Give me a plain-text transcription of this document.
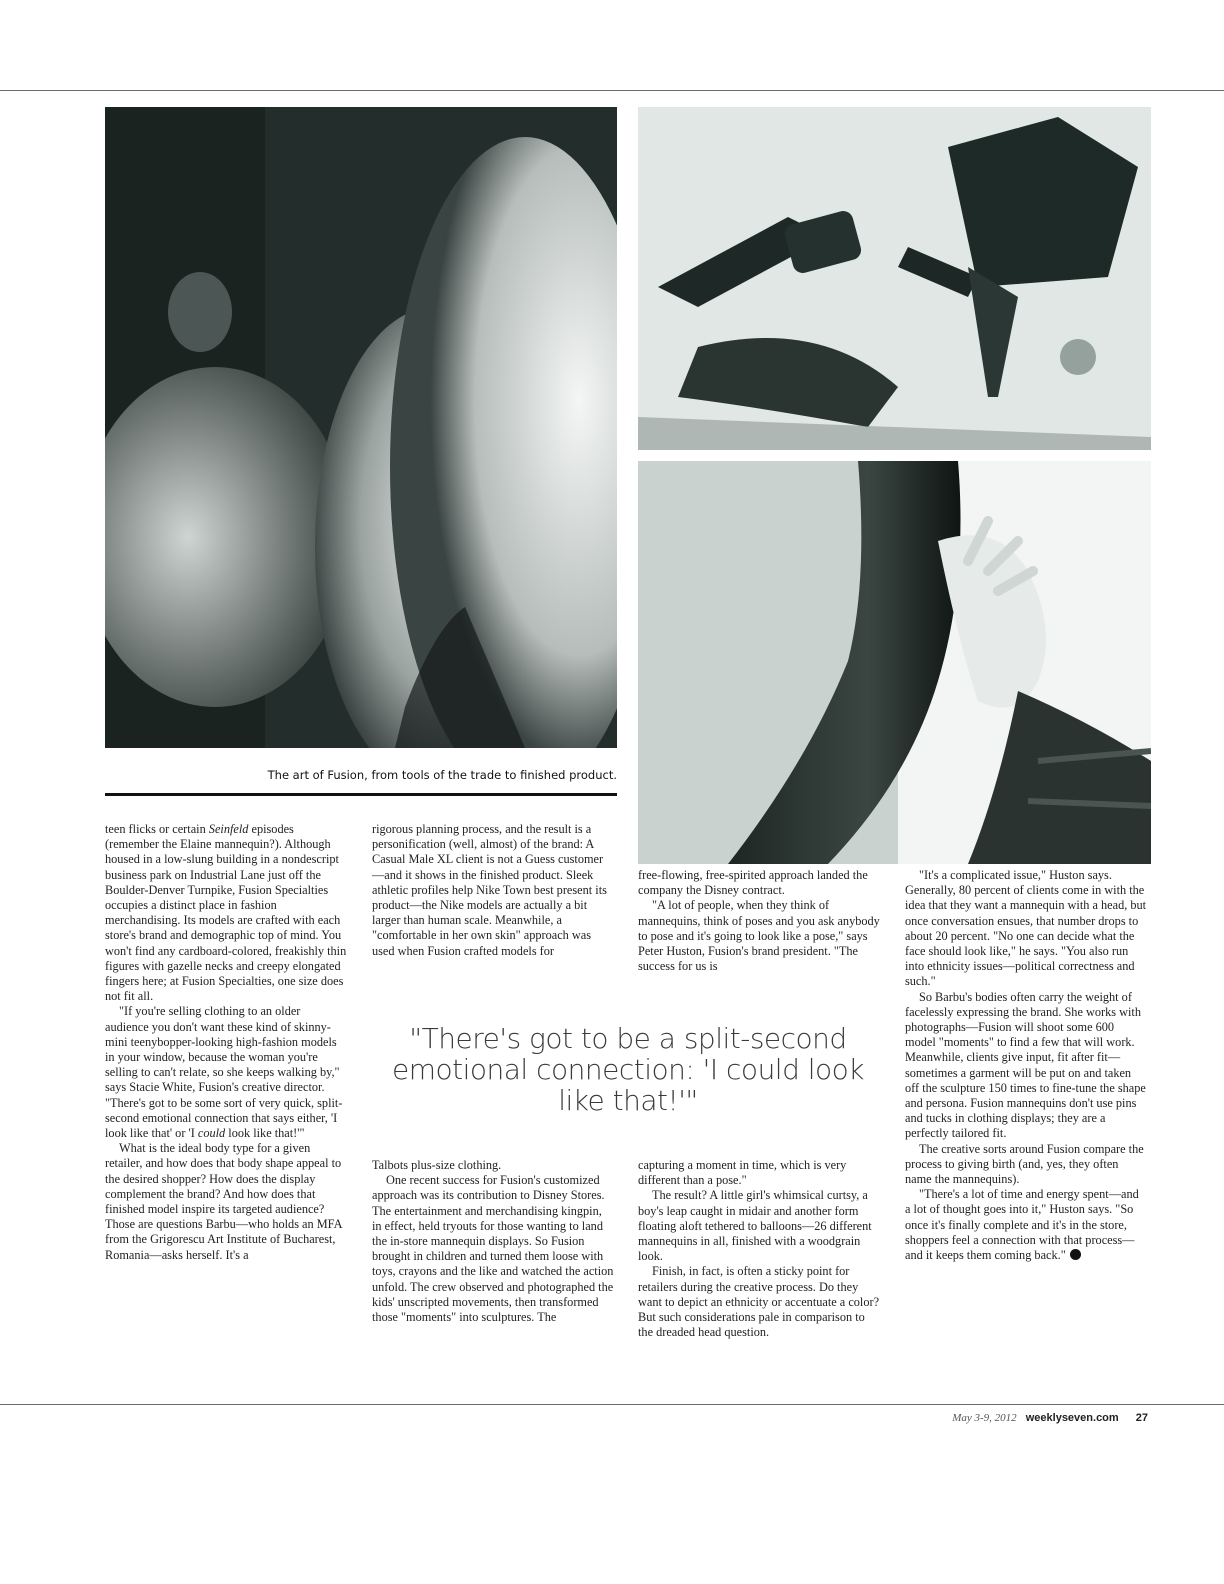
The art of Fusion, from tools of the trade to finished product.

teen flicks or certain Seinfeld episodes (remember the Elaine mannequin?). Although housed in a low-slung building in a nondescript business park on Industrial Lane just off the Boulder-Denver Turnpike, Fusion Specialties occupies a distinct place in fashion merchandising. Its models are crafted with each store's brand and demographic top of mind. You won't find any cardboard-colored, freakishly thin figures with gazelle necks and creepy elongated fingers here; at Fusion Specialties, one size does not fit all.

"If you're selling clothing to an older audience you don't want these kind of skinny-mini teenybopper-looking high-fashion models in your window, because the woman you're selling to can't relate, so she keeps walking by," says Stacie White, Fusion's creative director. "There's got to be some sort of very quick, split-second emotional connection that says either, 'I look like that' or 'I could look like that!'"

What is the ideal body type for a given retailer, and how does that body shape appeal to the desired shopper? How does the display complement the brand? And how does that finished model inspire its targeted audience? Those are questions Barbu—who holds an MFA from the Grigorescu Art Institute of Bucharest, Romania—asks herself. It's a

rigorous planning process, and the result is a personification (well, almost) of the brand: A Casual Male XL client is not a Guess customer—and it shows in the finished product. Sleek athletic profiles help Nike Town best present its product—the Nike models are actually a bit larger than human scale. Meanwhile, a "comfortable in her own skin" approach was used when Fusion crafted models for

free-flowing, free-spirited approach landed the company the Disney contract.

"A lot of people, when they think of mannequins, think of poses and you ask anybody to pose and it's going to look like a pose," says Peter Huston, Fusion's brand president. "The success for us is

"There's got to be a split-second emotional connection: 'I could look like that!'"

Talbots plus-size clothing.

One recent success for Fusion's customized approach was its contribution to Disney Stores. The entertainment and merchandising kingpin, in effect, held tryouts for those wanting to land the in-store mannequin displays. So Fusion brought in children and turned them loose with toys, crayons and the like and watched the action unfold. The crew observed and photographed the kids' unscripted movements, then transformed those "moments" into sculptures. The

capturing a moment in time, which is very different than a pose."

The result? A little girl's whimsical curtsy, a boy's leap caught in midair and another form floating aloft tethered to balloons—26 different mannequins in all, finished with a woodgrain look.

Finish, in fact, is often a sticky point for retailers during the creative process. Do they want to depict an ethnicity or accentuate a color? But such considerations pale in comparison to the dreaded head question.

"It's a complicated issue," Huston says. Generally, 80 percent of clients come in with the idea that they want a mannequin with a head, but once conversation ensues, that number drops to about 20 percent. "No one can decide what the face should look like," he says. "You also run into ethnicity issues—political correctness and such."

So Barbu's bodies often carry the weight of facelessly expressing the brand. She works with photographs—Fusion will shoot some 600 model "moments" to find a few that will work. Meanwhile, clients give input, fit after fit—sometimes a garment will be put on and taken off the sculpture 150 times to fine-tune the shape and persona. Fusion mannequins don't use pins and tucks in clothing displays; they are a perfectly tailored fit.

The creative sorts around Fusion compare the process to giving birth (and, yes, they often name the mannequins).

"There's a lot of time and energy spent—and a lot of thought goes into it," Huston says. "So once it's finally complete and it's in the store, shoppers feel a connection with that process—and it keeps them coming back."

May 3-9, 2012 weeklyseven.com 27
